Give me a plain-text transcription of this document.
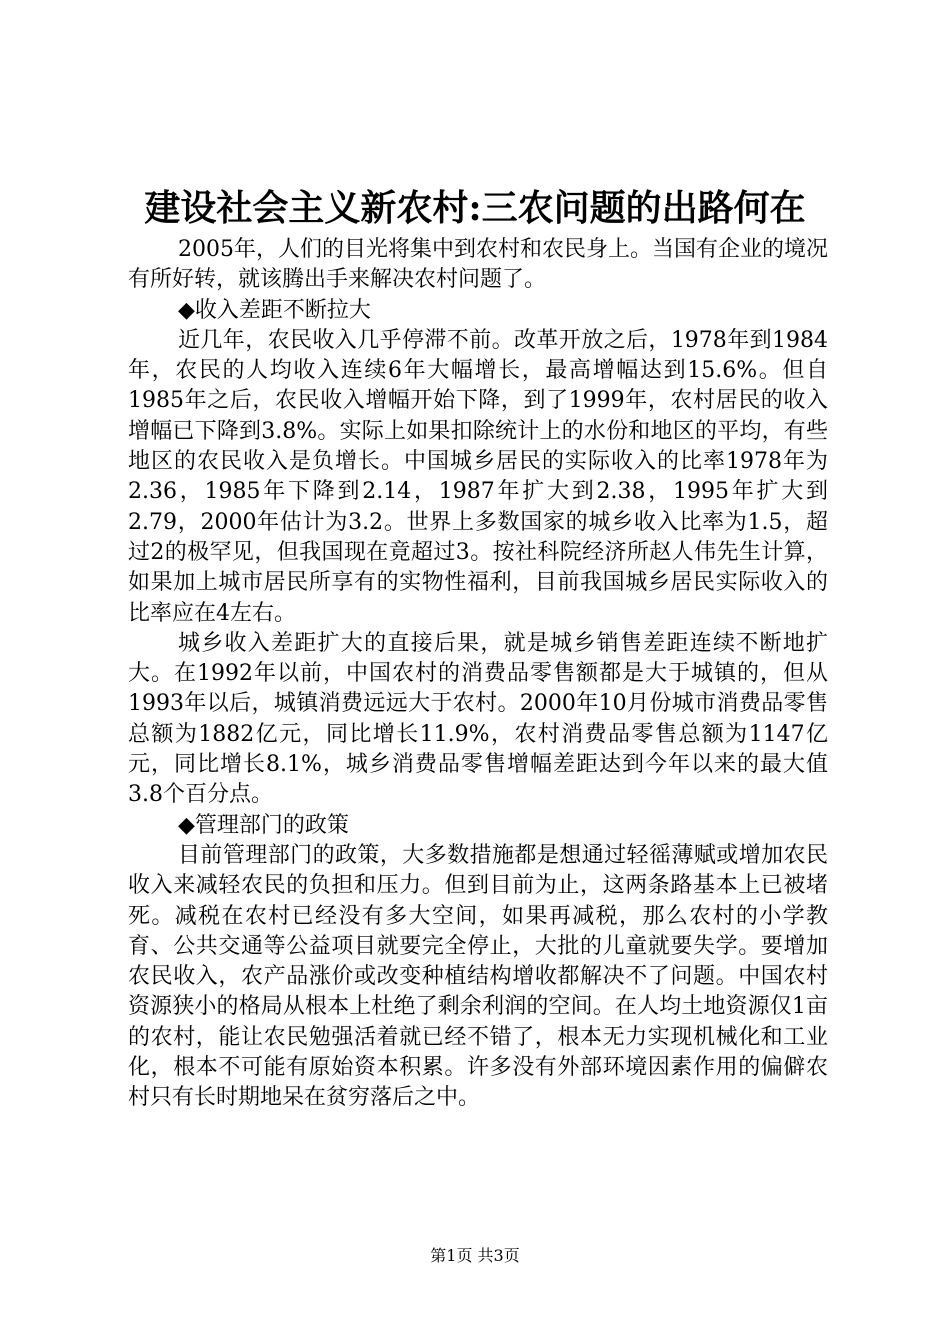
建设社会主义新农村:三农问题的出路何在

2005年，人们的目光将集中到农村和农民身上。当国有企业的境况有所好转，就该腾出手来解决农村问题了。

◆收入差距不断拉大

近几年，农民收入几乎停滞不前。改革开放之后，1978年到1984年，农民的人均收入连续6年大幅增长，最高增幅达到15.6%。但自1985年之后，农民收入增幅开始下降，到了1999年，农村居民的收入增幅已下降到3.8%。实际上如果扣除统计上的水份和地区的平均，有些地区的农民收入是负增长。中国城乡居民的实际收入的比率1978年为2.36，1985年下降到2.14，1987年扩大到2.38，1995年扩大到2.79，2000年估计为3.2。世界上多数国家的城乡收入比率为1.5，超过2的极罕见，但我国现在竟超过3。按社科院经济所赵人伟先生计算，如果加上城市居民所享有的实物性福利，目前我国城乡居民实际收入的比率应在4左右。

城乡收入差距扩大的直接后果，就是城乡销售差距连续不断地扩大。在1992年以前，中国农村的消费品零售额都是大于城镇的，但从1993年以后，城镇消费远远大于农村。2000年10月份城市消费品零售总额为1882亿元，同比增长11.9%，农村消费品零售总额为1147亿元，同比增长8.1%，城乡消费品零售增幅差距达到今年以来的最大值3.8个百分点。

◆管理部门的政策

目前管理部门的政策，大多数措施都是想通过轻徭薄赋或增加农民收入来减轻农民的负担和压力。但到目前为止，这两条路基本上已被堵死。减税在农村已经没有多大空间，如果再减税，那么农村的小学教育、公共交通等公益项目就要完全停止，大批的儿童就要失学。要增加农民收入，农产品涨价或改变种植结构增收都解决不了问题。中国农村资源狭小的格局从根本上杜绝了剩余利润的空间。在人均土地资源仅1亩的农村，能让农民勉强活着就已经不错了，根本无力实现机械化和工业化，根本不可能有原始资本积累。许多没有外部环境因素作用的偏僻农村只有长时期地呆在贫穷落后之中。

第1页 共3页
